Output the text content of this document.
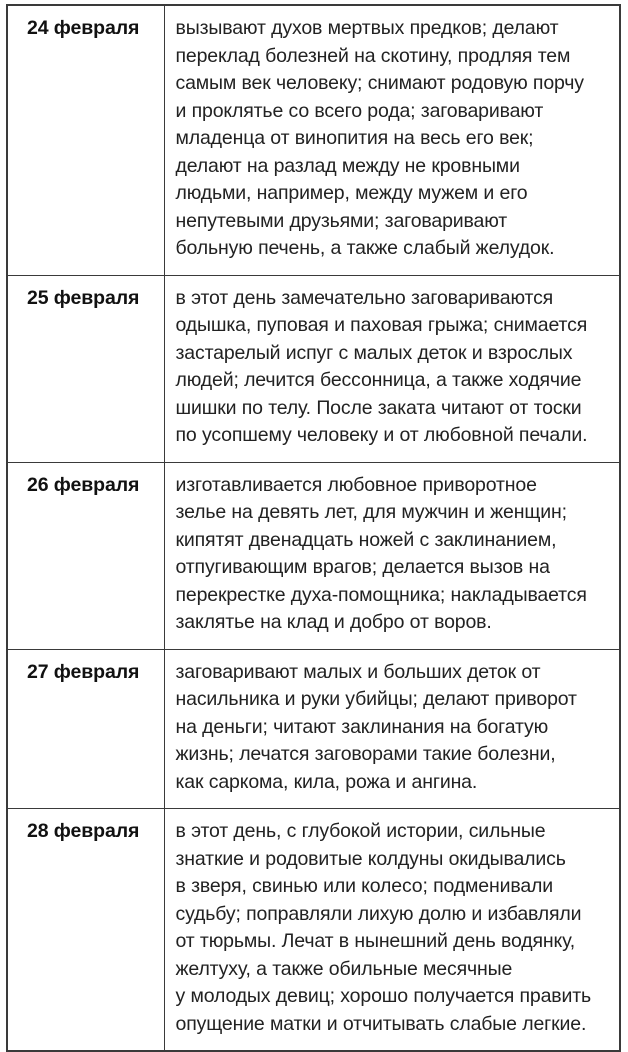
24 февраля	вызывают духов мертвых предков; делают
переклад болезней на скотину, продляя тем
самым век человеку; снимают родовую порчу
и проклятье со всего рода; заговаривают
младенца от винопития на весь его век;
делают на разлад между не кровными
людьми, например, между мужем и его
непутевыми друзьями; заговаривают
больную печень, а также слабый желудок.

25 февраля	в этот день замечательно заговариваются
одышка, пуповая и паховая грыжа; снимается
застарелый испуг с малых деток и взрослых
людей; лечится бессонница, а также ходячие
шишки по телу. После заката читают от тоски
по усопшему человеку и от любовной печали.

26 февраля	изготавливается любовное приворотное
зелье на девять лет, для мужчин и женщин;
кипятят двенадцать ножей с заклинанием,
отпугивающим врагов; делается вызов на
перекрестке духа-помощника; накладывается
заклятье на клад и добро от воров.

27 февраля	заговаривают малых и больших деток от
насильника и руки убийцы; делают приворот
на деньги; читают заклинания на богатую
жизнь; лечатся заговорами такие болезни,
как саркома, кила, рожа и ангина.

28 февраля	в этот день, с глубокой истории, сильные
знаткие и родовитые колдуны окидывались
в зверя, свинью или колесо; подменивали
судьбу; поправляли лихую долю и избавляли
от тюрьмы. Лечат в нынешний день водянку,
желтуху, а также обильные месячные
у молодых девиц; хорошо получается править
опущение матки и отчитывать слабые легкие.
